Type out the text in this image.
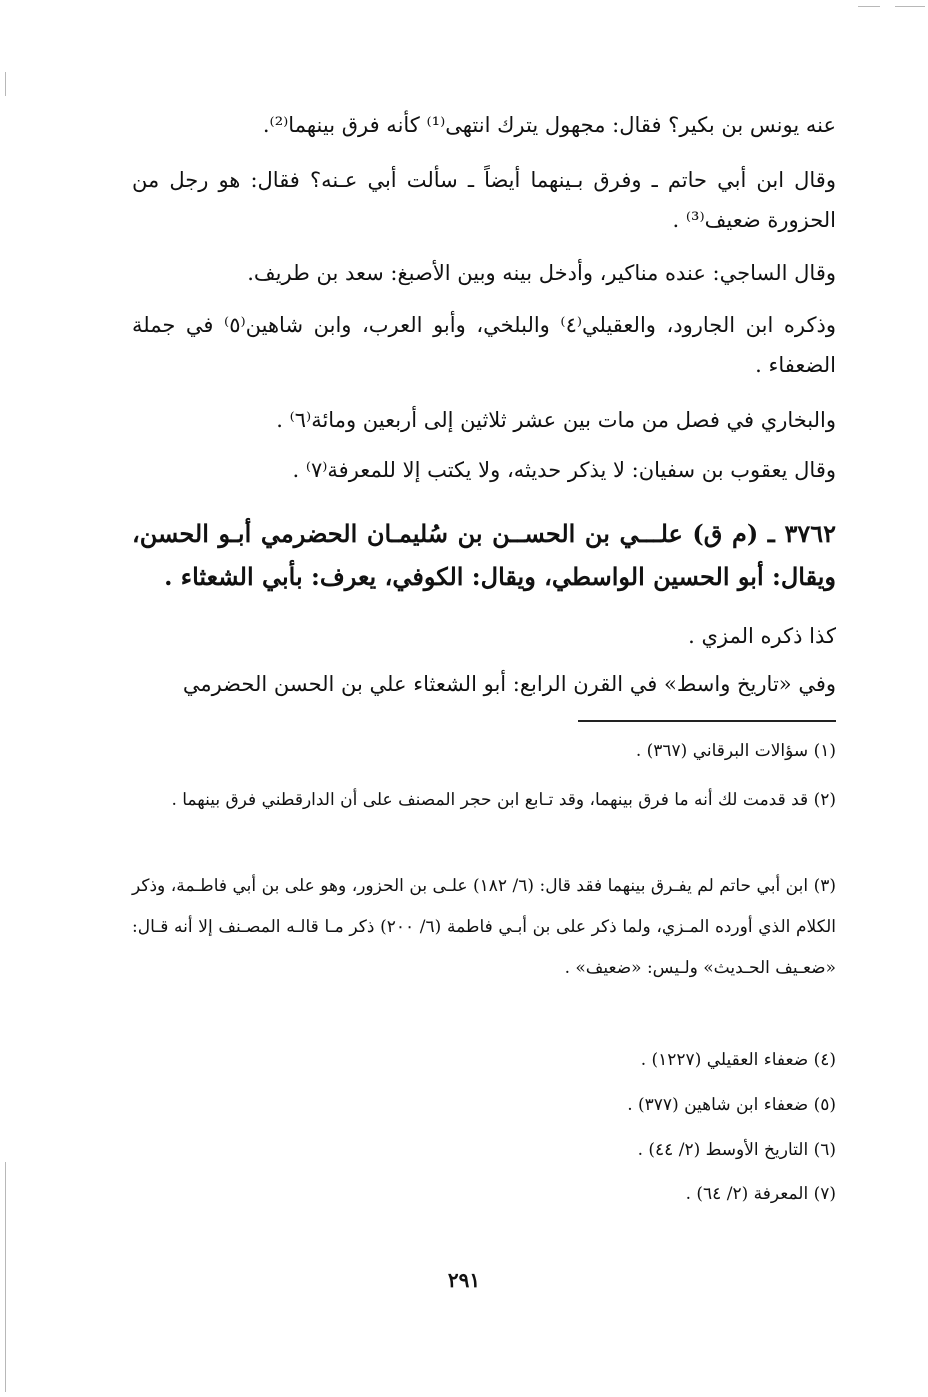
عنه يونس بن بكير؟ فقال: مجهول يترك انتهى⁽¹⁾ كأنه فرق بينهما⁽²⁾.
وقال ابن أبي حاتم ـ وفرق بـينهما أيضاً ـ سألت أبي عـنه؟ فقال: هو رجل من الحزورة ضعيف⁽³⁾ .
وقال الساجي: عنده مناكير، وأدخل بينه وبين الأصبغ: سعد بن طريف.
وذكره ابن الجارود، والعقيلي⁽٤⁾ والبلخي، وأبو العرب، وابن شاهين⁽٥⁾ في جملة الضعفاء .
والبخاري في فصل من مات بين عشر ثلاثين إلى أربعين ومائة⁽٦⁾ .
وقال يعقوب بن سفيان: لا يذكر حديثه، ولا يكتب إلا للمعرفة⁽٧⁾ .
٣٧٦٢ ـ (م ق) علـــي بن الحســن بن سُليمـان الحضرمي أبـو الحسن، ويقال: أبو الحسين الواسطي، ويقال: الكوفي، يعرف: بأبي الشعثاء .
كذا ذكره المزي .
وفي «تاريخ واسط» في القرن الرابع: أبو الشعثاء علي بن الحسن الحضرمي
(١) سؤالات البرقاني (٣٦٧) .
(٢) قد قدمت لك أنه ما فرق بينهما، وقد تـابع ابن حجر المصنف على أن الدارقطني فرق بينهما .
(٣) ابن أبي حاتم لم يفـرق بينهما فقد قال: (٦/ ١٨٢) علـى بن الحزور، وهو على بن أبي فاطـمة، وذكر الكلام الذي أورده المـزي، ولما ذكر على بن أبـي فاطمة (٦/ ٢٠٠) ذكر مـا قالـه المصـنف إلا أنه قـال: «ضعـيف الحـديث» ولـيس: «ضعيف» .
(٤) ضعفاء العقيلي (١٢٢٧) .
(٥) ضعفاء ابن شاهين (٣٧٧) .
(٦) التاريخ الأوسط (٢/ ٤٤) .
(٧) المعرفة (٢/ ٦٤) .
٢٩١
